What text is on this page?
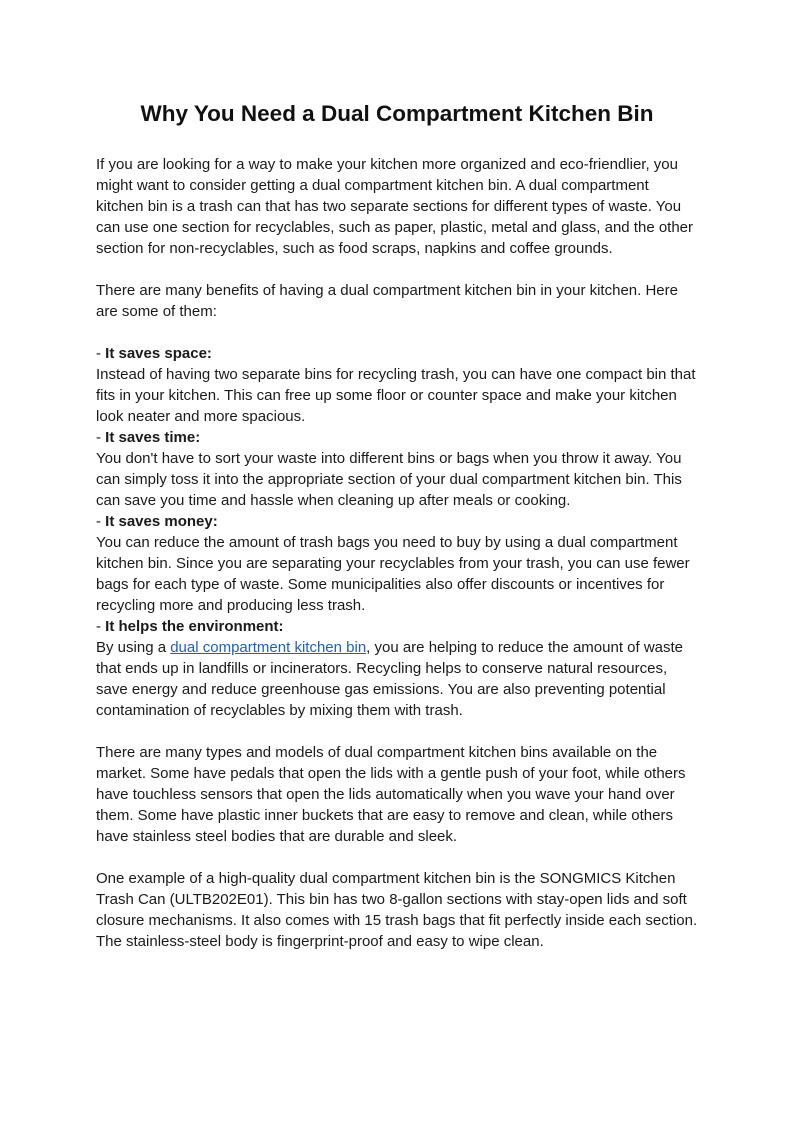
Why You Need a Dual Compartment Kitchen Bin

If you are looking for a way to make your kitchen more organized and eco-friendlier, you might want to consider getting a dual compartment kitchen bin. A dual compartment kitchen bin is a trash can that has two separate sections for different types of waste. You can use one section for recyclables, such as paper, plastic, metal and glass, and the other section for non-recyclables, such as food scraps, napkins and coffee grounds.

There are many benefits of having a dual compartment kitchen bin in your kitchen. Here are some of them:

- It saves space:

Instead of having two separate bins for recycling trash, you can have one compact bin that fits in your kitchen. This can free up some floor or counter space and make your kitchen look neater and more spacious.

- It saves time:

You don't have to sort your waste into different bins or bags when you throw it away. You can simply toss it into the appropriate section of your dual compartment kitchen bin. This can save you time and hassle when cleaning up after meals or cooking.

- It saves money:

You can reduce the amount of trash bags you need to buy by using a dual compartment kitchen bin. Since you are separating your recyclables from your trash, you can use fewer bags for each type of waste. Some municipalities also offer discounts or incentives for recycling more and producing less trash.

- It helps the environment:

By using a dual compartment kitchen bin, you are helping to reduce the amount of waste that ends up in landfills or incinerators. Recycling helps to conserve natural resources, save energy and reduce greenhouse gas emissions. You are also preventing potential contamination of recyclables by mixing them with trash.

There are many types and models of dual compartment kitchen bins available on the market. Some have pedals that open the lids with a gentle push of your foot, while others have touchless sensors that open the lids automatically when you wave your hand over them. Some have plastic inner buckets that are easy to remove and clean, while others have stainless steel bodies that are durable and sleek.

One example of a high-quality dual compartment kitchen bin is the SONGMICS Kitchen Trash Can (ULTB202E01). This bin has two 8-gallon sections with stay-open lids and soft closure mechanisms. It also comes with 15 trash bags that fit perfectly inside each section. The stainless-steel body is fingerprint-proof and easy to wipe clean.
